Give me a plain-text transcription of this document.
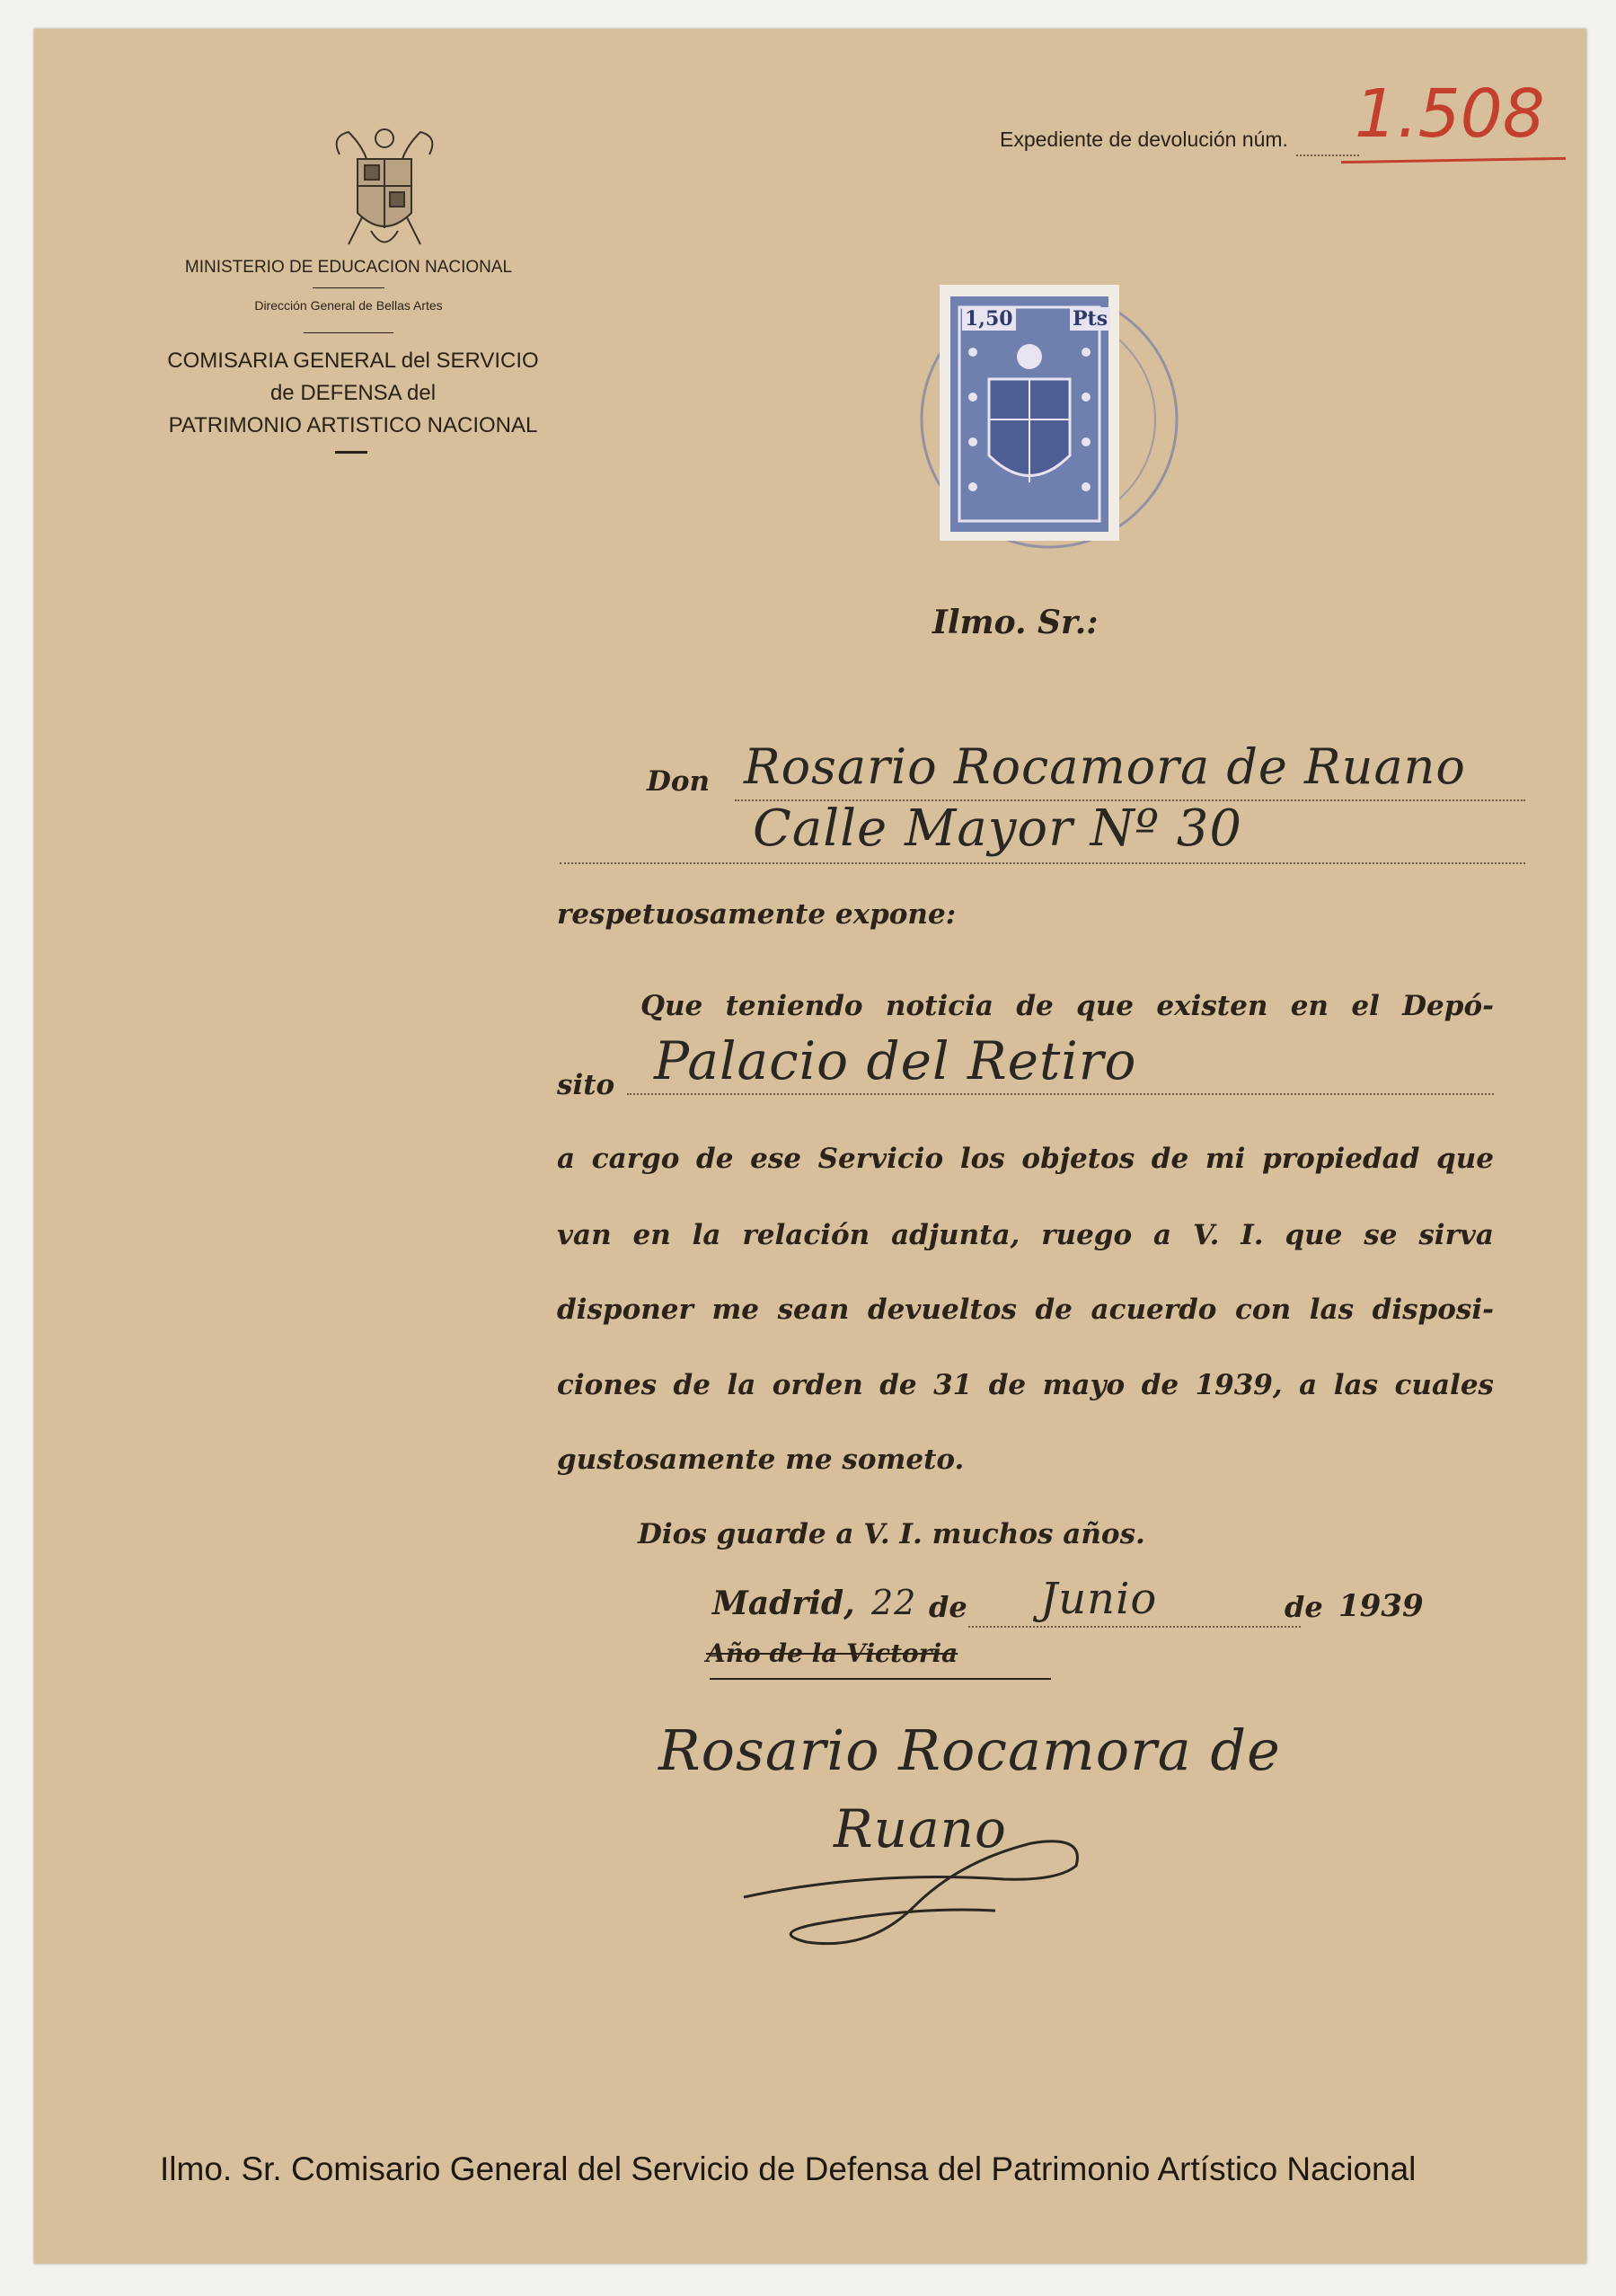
MINISTERIO DE EDUCACION NACIONAL
Dirección General de Bellas Artes
COMISARIA GENERAL del SERVICIO
de DEFENSA del
PATRIMONIO ARTISTICO NACIONAL
Expediente de devolución núm. 1.508
1,50	Pts
Ilmo. Sr.:
Don Rosario Rocamora de Ruano
Calle Mayor Nº 30
respetuosamente expone:
Que teniendo noticia de que existen en el Depó-
sito Palacio del Retiro
a cargo de ese Servicio los objetos de mi propiedad que
van en la relación adjunta, ruego a V. I. que se sirva
disponer me sean devueltos de acuerdo con las disposi-
ciones de la orden de 31 de mayo de 1939, a las cuales
gustosamente me someto.
Dios guarde a V. I. muchos años.
Madrid, 22 de Junio	de 1939
Año de la Victoria
Rosario Rocamora de
Ruano
Ilmo. Sr. Comisario General del Servicio de Defensa del Patrimonio Artístico Nacional
